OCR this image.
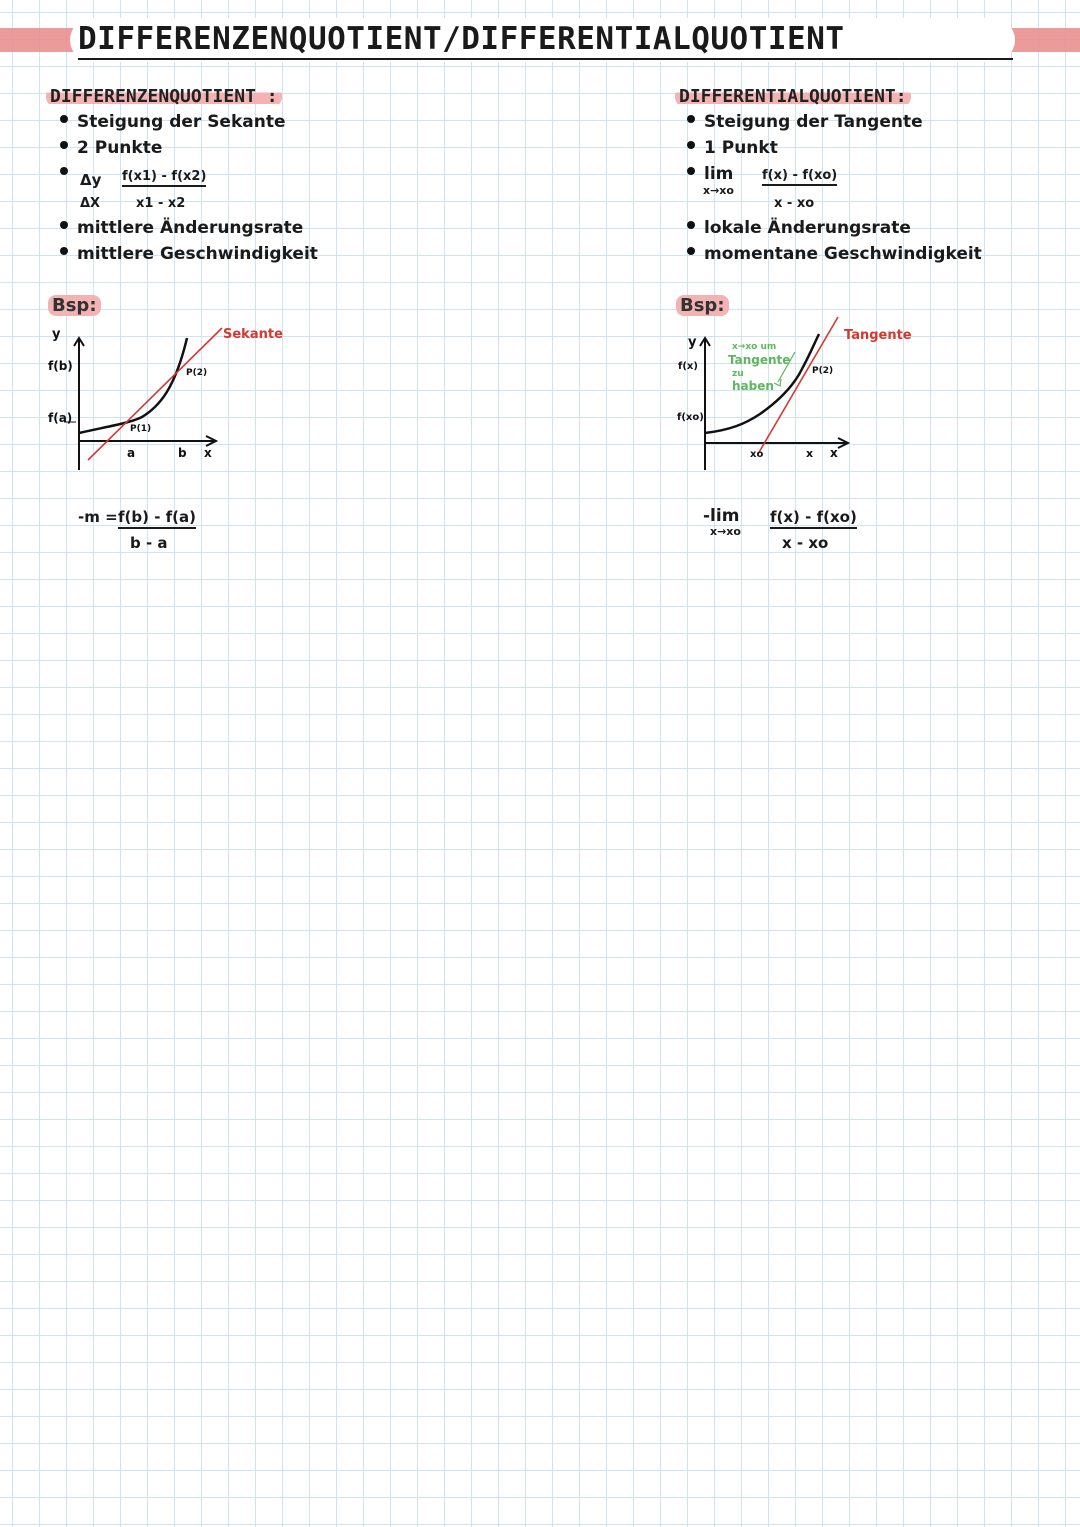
DIFFERENZENQUOTIENT/DIFFERENTIALQUOTIENT
DIFFERENZENQUOTIENT :
Steigung der Sekante
2 Punkte
Δy f(x1) - f(x2)
ΔX	x1 - x2
mittlere Änderungsrate
mittlere Geschwindigkeit
Bsp:
y
f(b)
f(a)
P(1)
P(2)
a	b x
Sekante
-m = f(b) - f(a)
b - a
DIFFERENTIALQUOTIENT:
Steigung der Tangente
1 Punkt
lim
x→xo
f(x) - f(xo)
x - xo
lokale Änderungsrate
momentane Geschwindigkeit
Bsp:
y
f(x)
f(xo)
P(2)
xo	x x
Tangente
x→xo um
Tangente
zu
haben
-lim
x→xo
f(x) - f(xo)
x - xo
